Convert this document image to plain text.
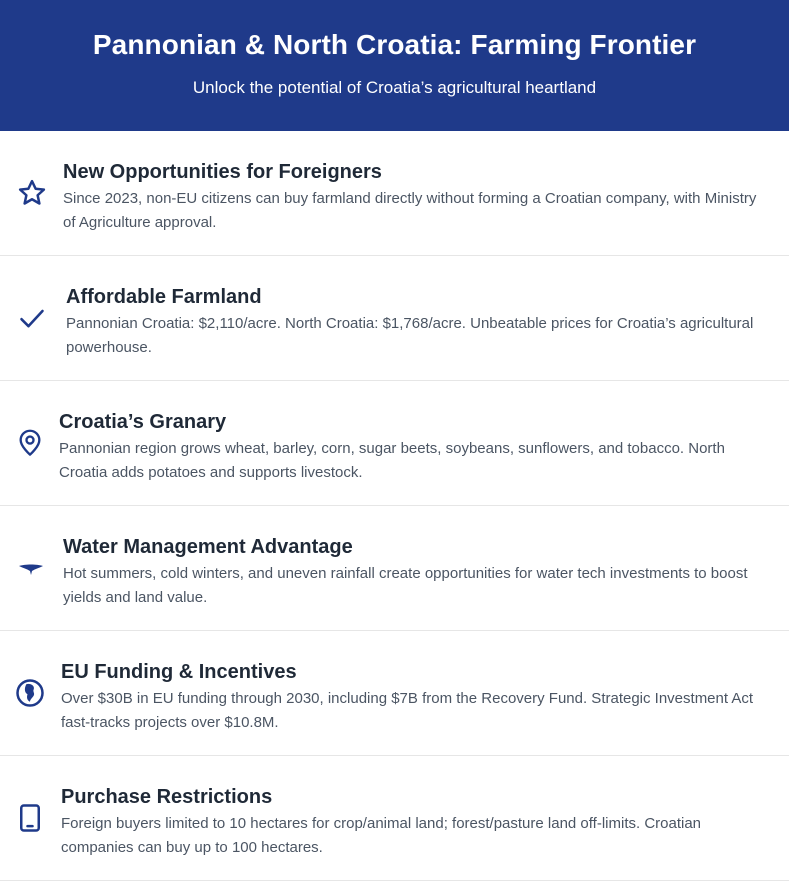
Pannonian & North Croatia: Farming Frontier

Unlock the potential of Croatia’s agricultural heartland

New Opportunities for Foreigners

Since 2023, non-EU citizens can buy farmland directly without forming a Croatian company, with Ministry of Agriculture approval.

Affordable Farmland

Pannonian Croatia: $2,110/acre. North Croatia: $1,768/acre. Unbeatable prices for Croatia’s agricultural powerhouse.

Croatia’s Granary

Pannonian region grows wheat, barley, corn, sugar beets, soybeans, sunflowers, and tobacco. North Croatia adds potatoes and supports livestock.

Water Management Advantage

Hot summers, cold winters, and uneven rainfall create opportunities for water tech investments to boost yields and land value.

EU Funding & Incentives

Over $30B in EU funding through 2030, including $7B from the Recovery Fund. Strategic Investment Act fast-tracks projects over $10.8M.

Purchase Restrictions

Foreign buyers limited to 10 hectares for crop/animal land; forest/pasture land off-limits. Croatian companies can buy up to 100 hectares.
